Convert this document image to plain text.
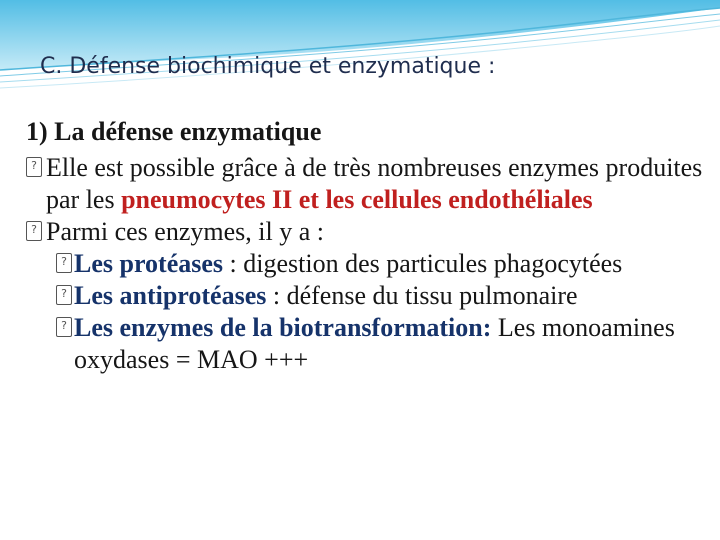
C. Défense biochimique et enzymatique :

1) La défense enzymatique

? Elle est possible grâce à de très nombreuses enzymes produites par les pneumocytes II et les cellules endothéliales

? Parmi ces enzymes, il y a :

? Les protéases : digestion des particules phagocytées

? Les antiprotéases : défense du tissu pulmonaire

? Les enzymes de la biotransformation: Les monoamines oxydases = MAO +++
